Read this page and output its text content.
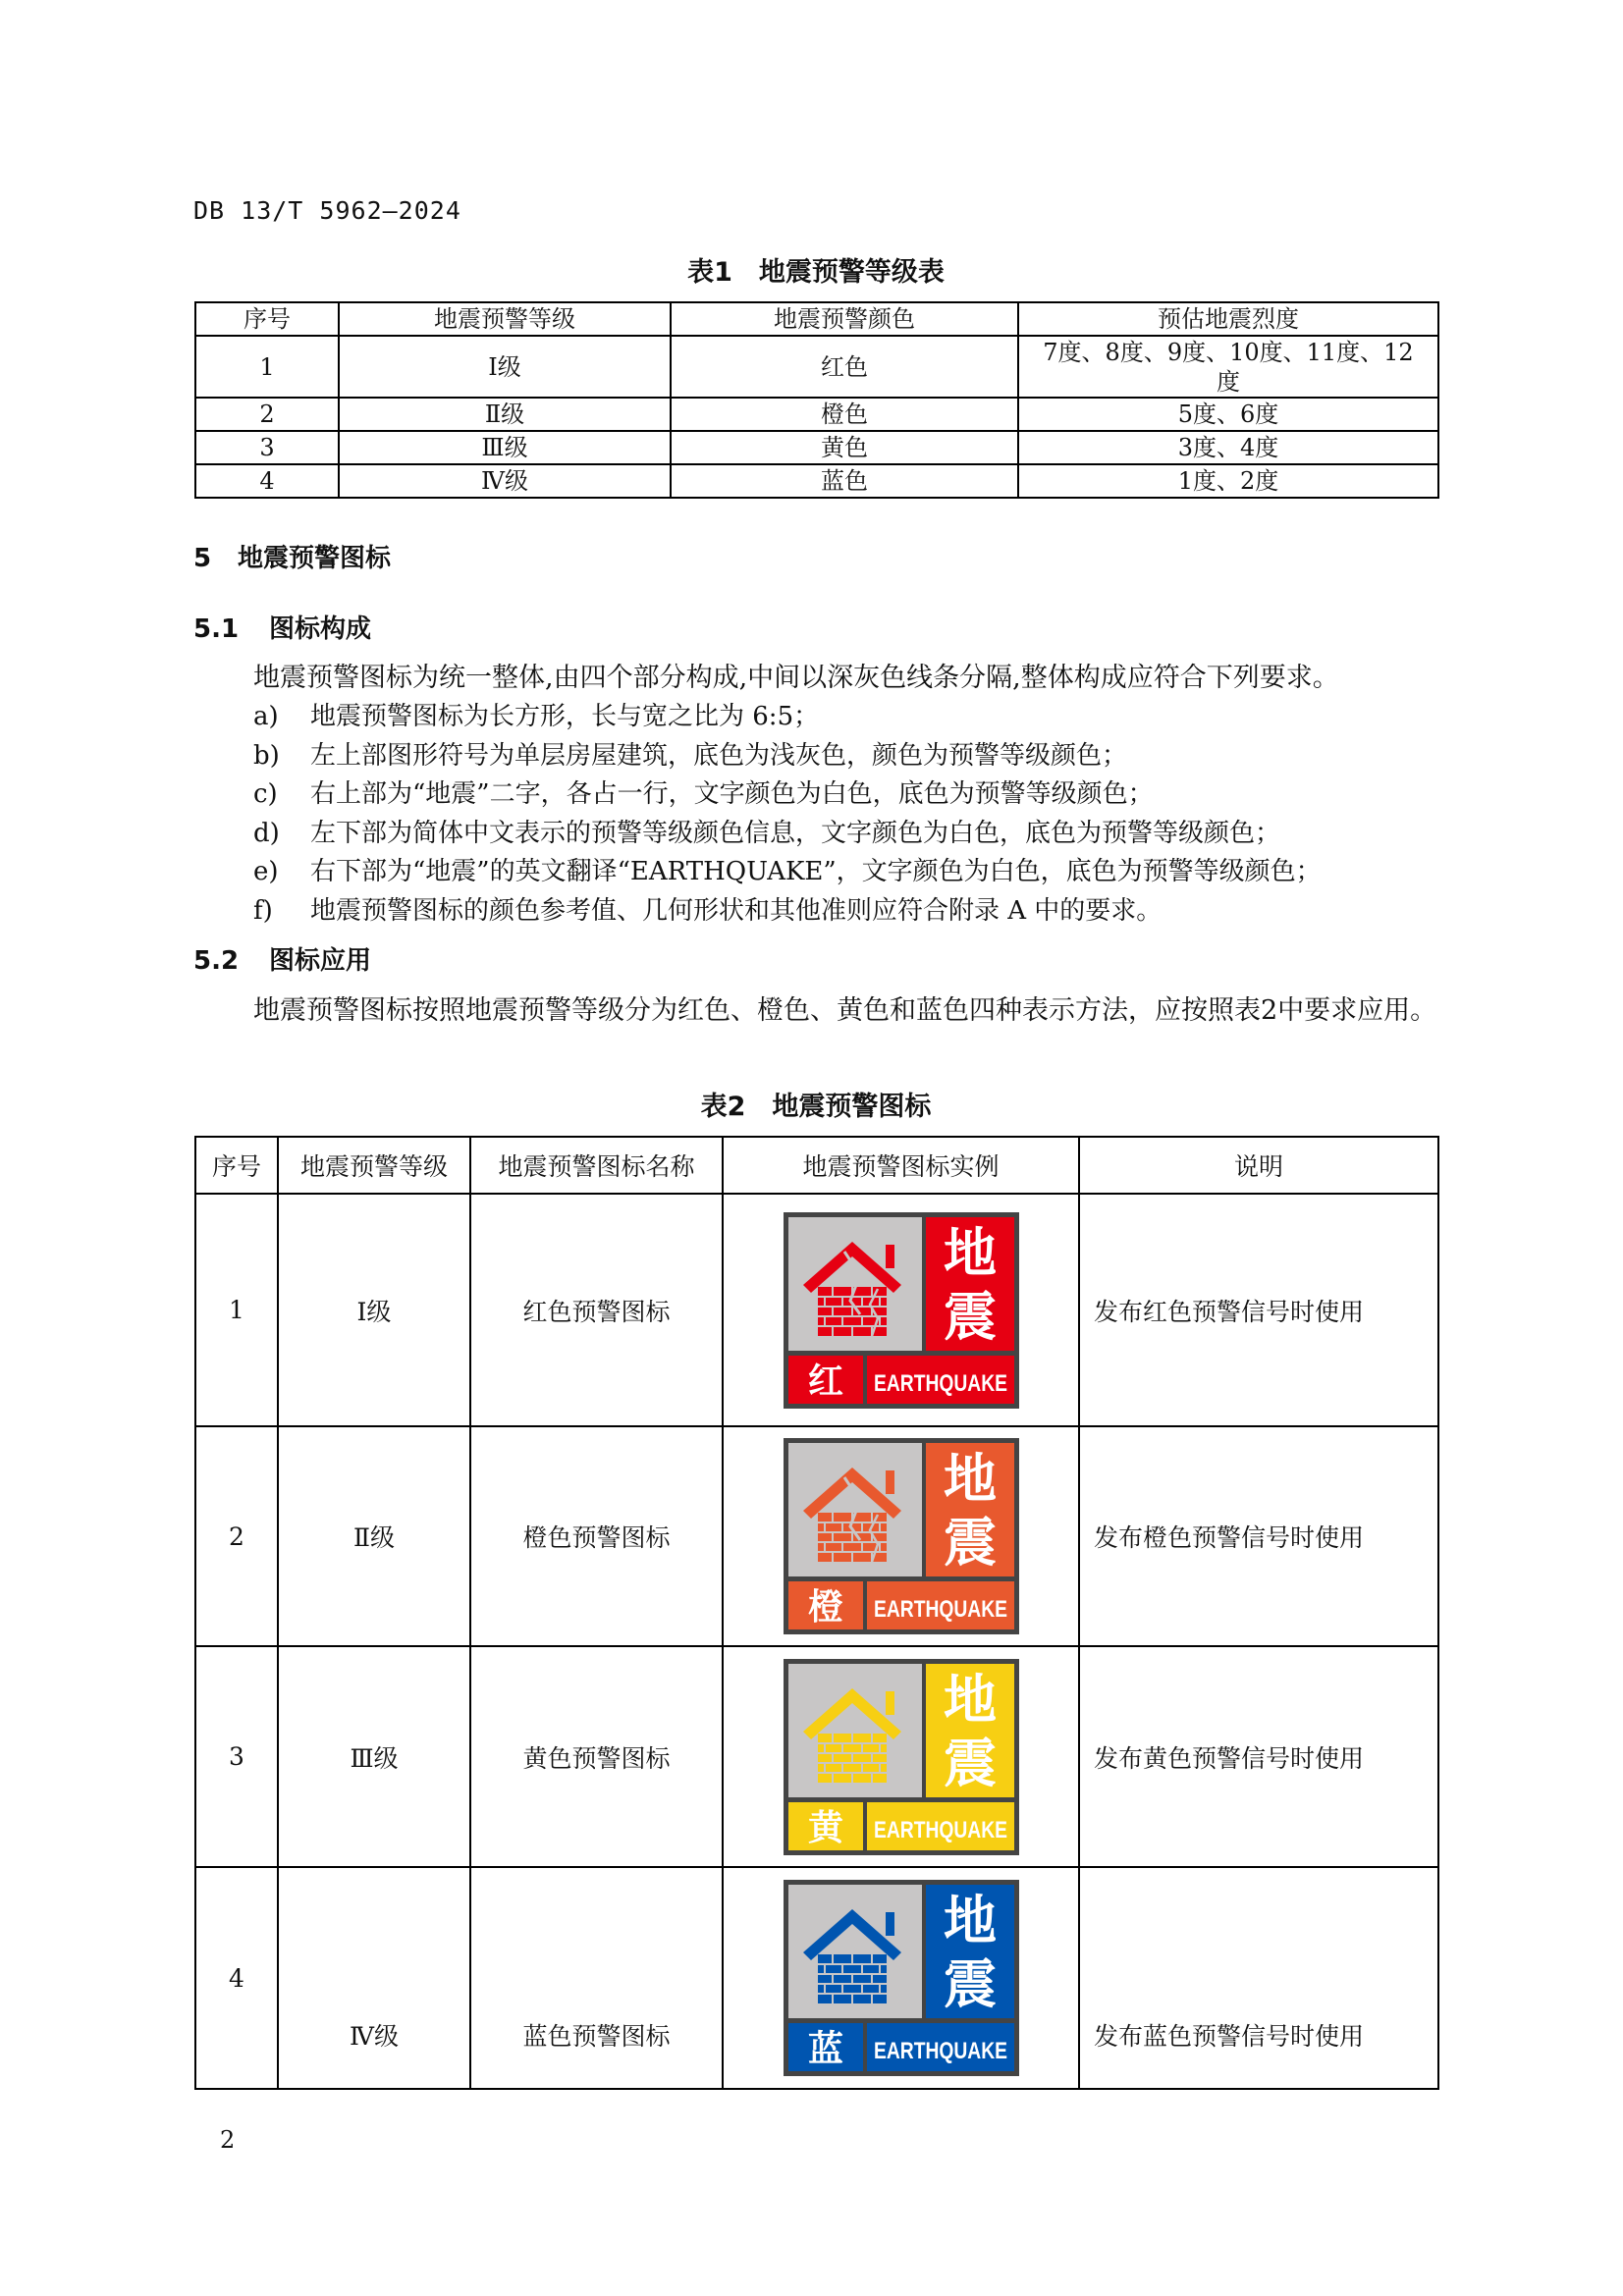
DB 13/T 5962—2024
表1　地震预警等级表
序号	地震预警等级	地震预警颜色	预估地震烈度
1	Ⅰ级	红色	7度、8度、9度、10度、11度、12度
2	Ⅱ级	橙色	5度、6度
3	Ⅲ级	黄色	3度、4度
4	Ⅳ级	蓝色	1度、2度
5 地震预警图标
5.1 图标构成
地震预警图标为统一整体,由四个部分构成,中间以深灰色线条分隔,整体构成应符合下列要求。
a) 地震预警图标为长方形，长与宽之比为 6:5；
b) 左上部图形符号为单层房屋建筑，底色为浅灰色，颜色为预警等级颜色；
c) 右上部为“地震”二字，各占一行，文字颜色为白色，底色为预警等级颜色；
d) 左下部为简体中文表示的预警等级颜色信息，文字颜色为白色，底色为预警等级颜色；
e) 右下部为“地震”的英文翻译“EARTHQUAKE”，文字颜色为白色，底色为预警等级颜色；
f) 地震预警图标的颜色参考值、几何形状和其他准则应符合附录 A 中的要求。
5.2 图标应用
地震预警图标按照地震预警等级分为红色、橙色、黄色和蓝色四种表示方法，应按照表2中要求应用。
表2　地震预警图标
序号	地震预警等级	地震预警图标名称	地震预警图标实例	说明
1	Ⅰ级	红色预警图标	地
震
红 EARTHQUAKE	发布红色预警信号时使用
2	Ⅱ级	橙色预警图标	地
震
橙 EARTHQUAKE	发布橙色预警信号时使用
3	Ⅲ级	黄色预警图标	地
震
黄 EARTHQUAKE	发布黄色预警信号时使用
4	Ⅳ级	蓝色预警图标	地
震
蓝 EARTHQUAKE	发布蓝色预警信号时使用
2
